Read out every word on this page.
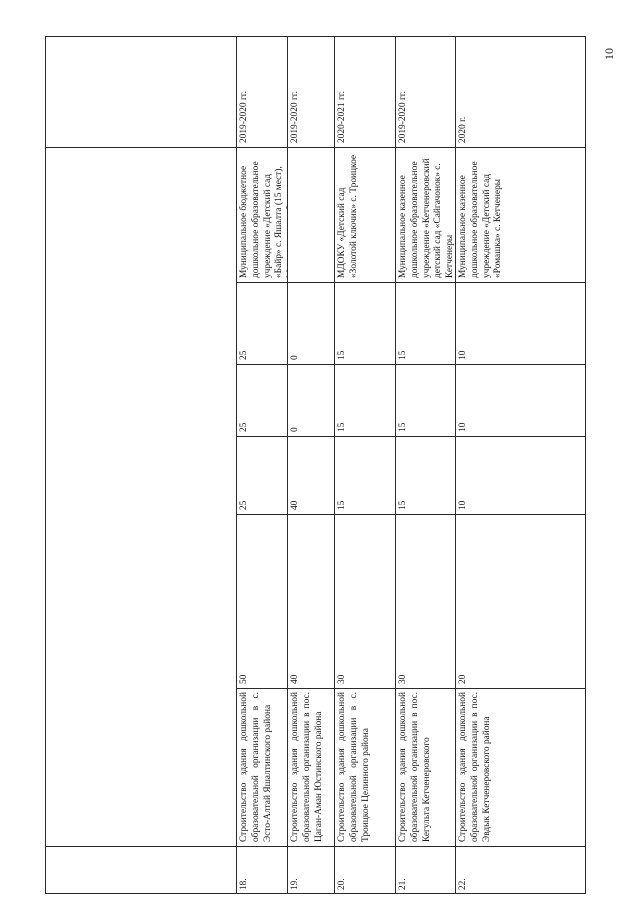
10
2019-2020 гг.
Муниципальное бюджетное дошкольное образовательное учреждение «Детский сад «Байр» с. Яшалта (15 мест),
25
25
25
50
Строительство здания дошкольной образовательной организации в с. Эсто-Алтай Яшалтинского района
18.
2019-2020 гг.
0
0
40
40
Строительство здания дошкольной образовательной организации в пос. Цаган-Аман Юстинского района
19.
2020-2021 гг.
МДОКУ «Детский сад «Золотой ключик» с. Троицкое
15
15
15
30
Строительство здания дошкольной образовательной организации в с. Троицкое Целинного района
20.
2019-2020 гг.
Муниципальное казенное дошкольное образовательное учреждение «Кетченеровский детский сад «Сайгачонок» с. Кетченеры
15
15
15
30
Строительство здания дошкольной образовательной организации в пос. Кегульта Кетченеровского
21.
2020 г.
Муниципальное казенное дошкольное образовательное учреждение «Детский сад «Ромашка» с. Кетченеры
10
10
10
20
Строительство здания дошкольной образовательной организации в пос. Эвдык Кетченеровского района
22.
